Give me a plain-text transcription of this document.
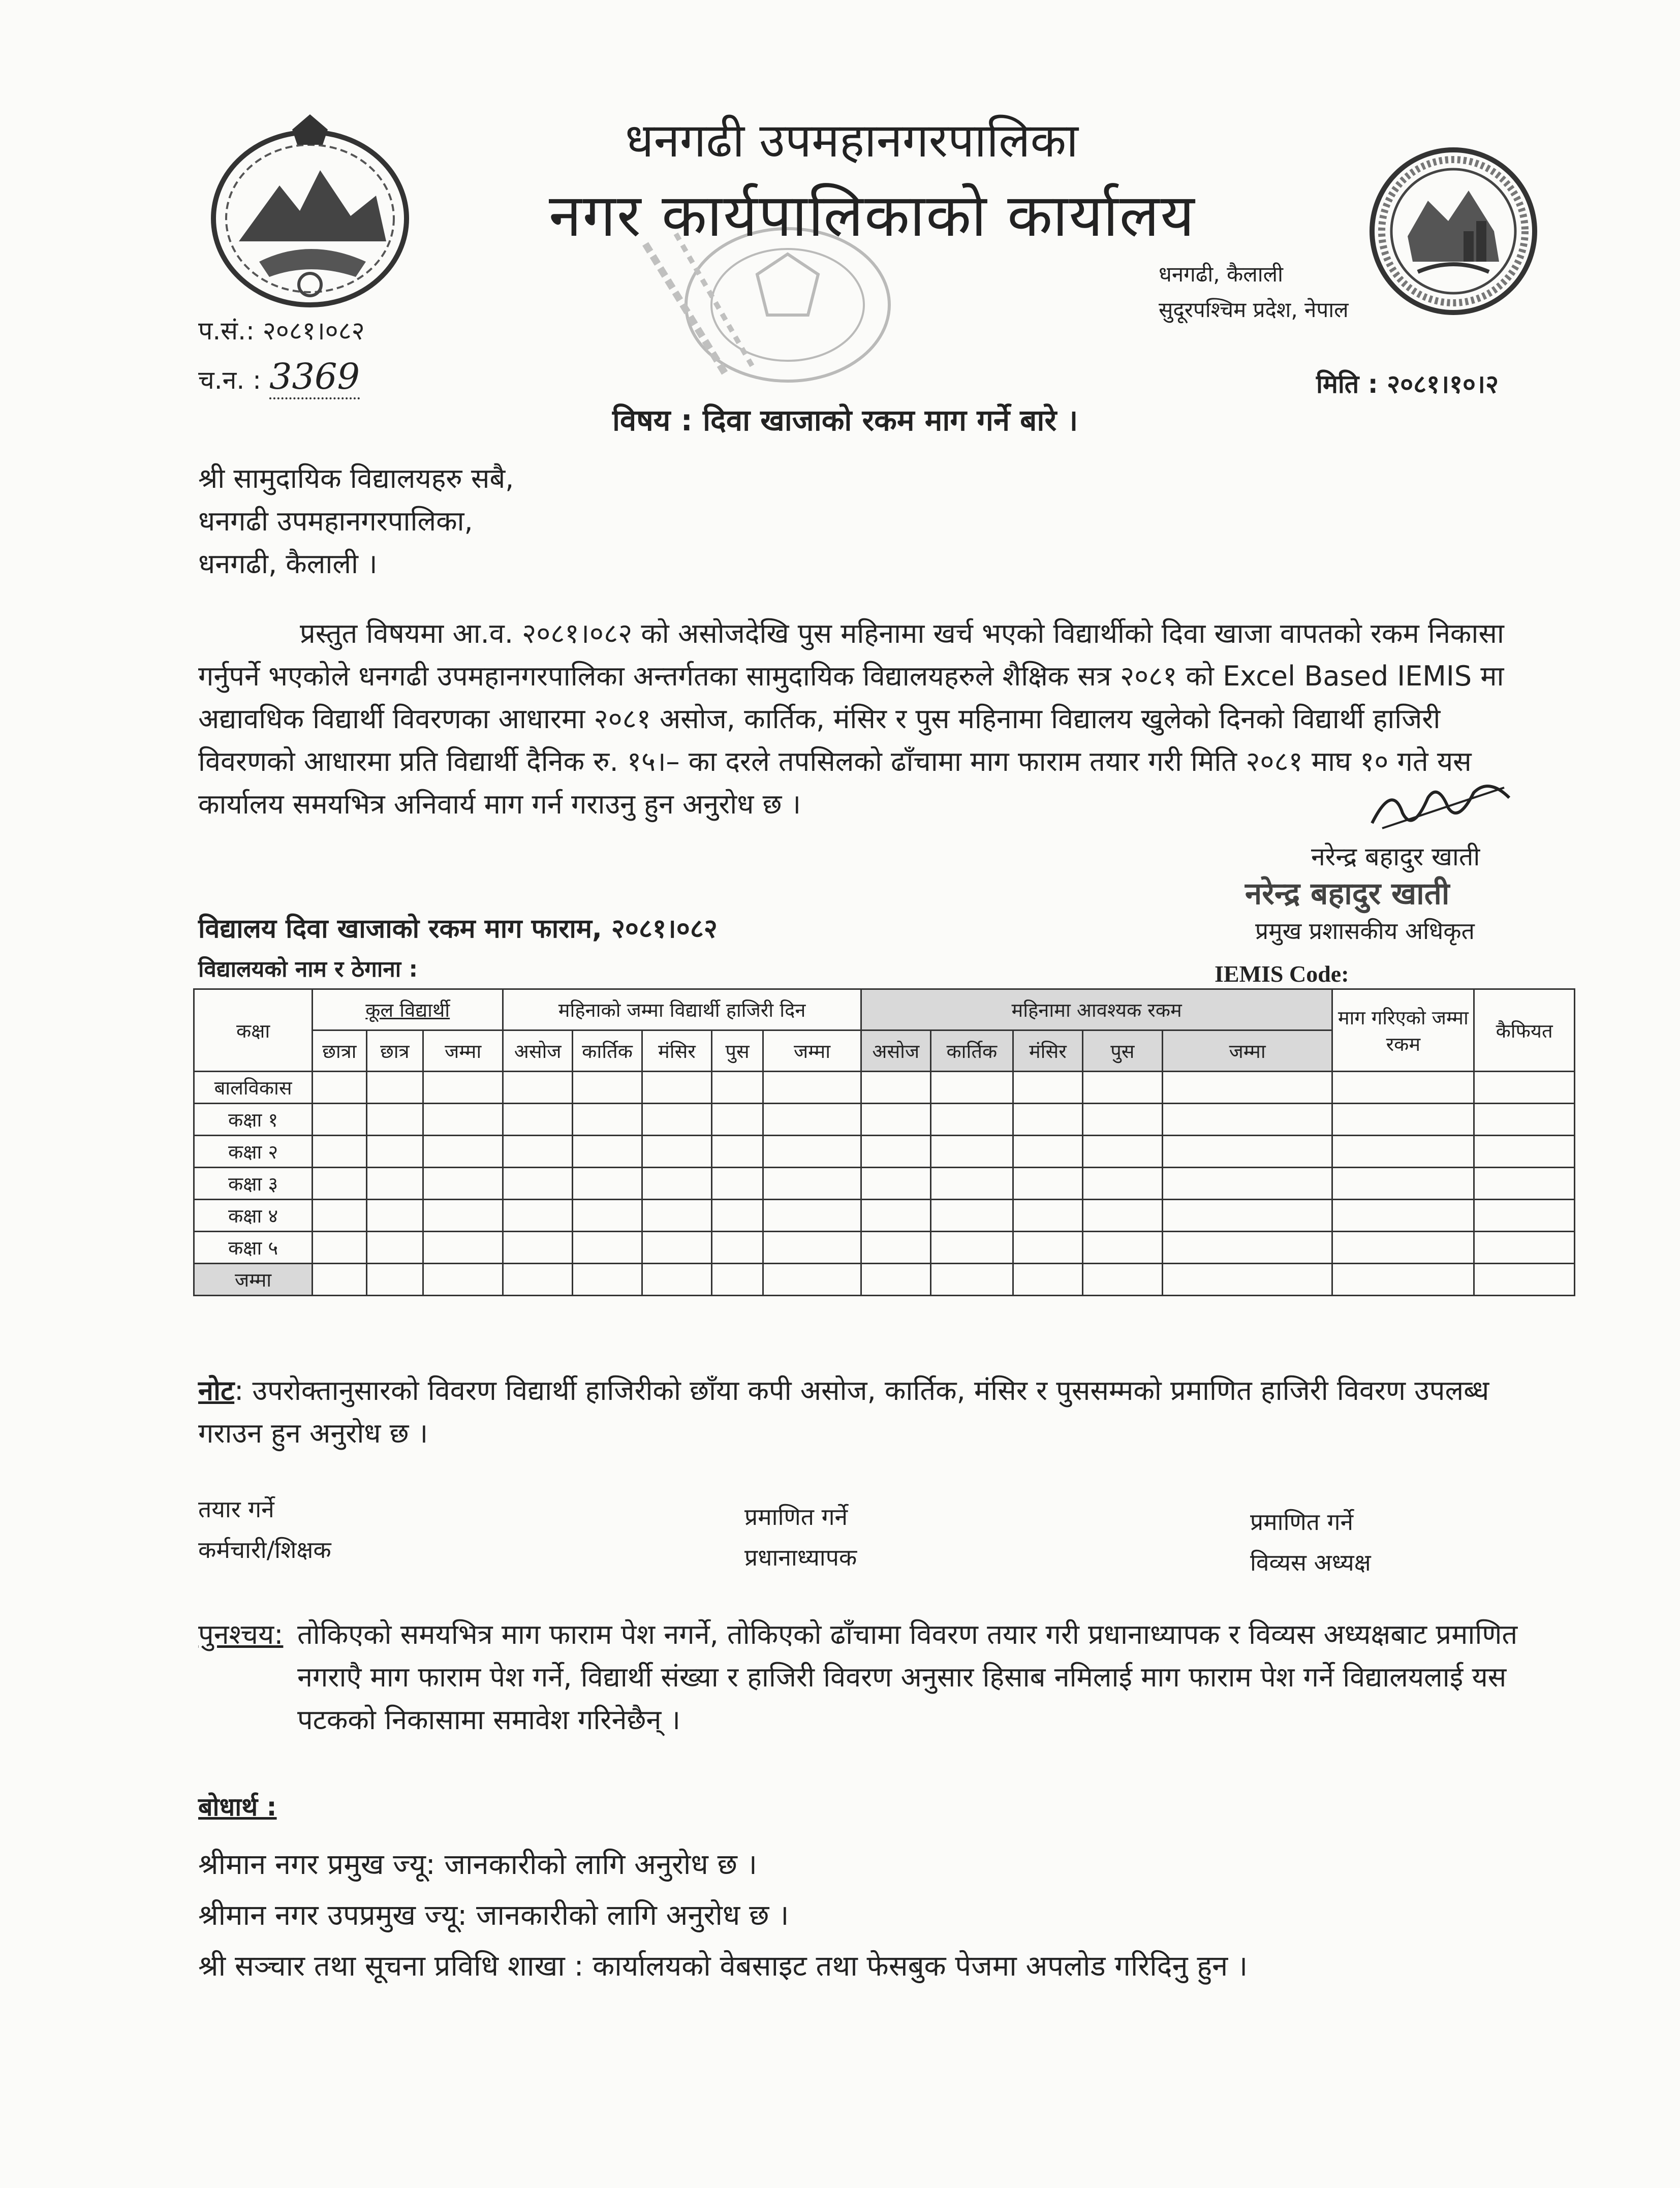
धनगढी उपमहानगरपालिका
नगर कार्यपालिकाको कार्यालय
धनगढी, कैलाली
सुदूरपश्चिम प्रदेश, नेपाल
प.सं.: २०८१।०८२
च.न. : 3369	मिति : २०८१।१०।२
विषय : दिवा खाजाको रकम माग गर्ने बारे ।
श्री सामुदायिक विद्यालयहरु सबै,
धनगढी उपमहानगरपालिका,
धनगढी, कैलाली ।
प्रस्तुत विषयमा आ.व. २०८१।०८२ को असोजदेखि पुस महिनामा खर्च भएको विद्यार्थीको दिवा खाजा वापतको रकम निकासा
गर्नुपर्ने भएकोले धनगढी उपमहानगरपालिका अन्तर्गतका सामुदायिक विद्यालयहरुले शैक्षिक सत्र २०८१ को Excel Based IEMIS मा
अद्यावधिक विद्यार्थी विवरणका आधारमा २०८१ असोज, कार्तिक, मंसिर र पुस महिनामा विद्यालय खुलेको दिनको विद्यार्थी हाजिरी
विवरणको आधारमा प्रति विद्यार्थी दैनिक रु. १५।– का दरले तपसिलको ढाँचामा माग फाराम तयार गरी मिति २०८१ माघ १० गते यस
कार्यालय समयभित्र अनिवार्य माग गर्न गराउनु हुन अनुरोध छ ।
नरेन्द्र बहादुर खाती
नरेन्द्र बहादुर खाती
प्रमुख प्रशासकीय अधिकृत
विद्यालय दिवा खाजाको रकम माग फाराम, २०८१।०८२
विद्यालयको नाम र ठेगाना :	IEMIS Code:
कक्षा	कूल विद्यार्थी			महिनाको जम्मा विद्यार्थी हाजिरी दिन					महिनामा आवश्यक रकम					माग गरिएको जम्मा रकम	कैफियत
	छात्रा	छात्र	जम्मा	असोज	कार्तिक	मंसिर	पुस	जम्मा	असोज	कार्तिक	मंसिर	पुस	जम्मा		
बालविकास															
कक्षा १															
कक्षा २															
कक्षा ३															
कक्षा ४															
कक्षा ५															
जम्मा															
नोट: उपरोक्तानुसारको विवरण विद्यार्थी हाजिरीको छाँया कपी असोज, कार्तिक, मंसिर र पुससम्मको प्रमाणित हाजिरी विवरण उपलब्ध
गराउन हुन अनुरोध छ ।
तयार गर्ने
कर्मचारी/शिक्षक
प्रमाणित गर्ने
प्रधानाध्यापक
प्रमाणित गर्ने
विव्यस अध्यक्ष
पुनश्चय: तोकिएको समयभित्र माग फाराम पेश नगर्ने, तोकिएको ढाँचामा विवरण तयार गरी प्रधानाध्यापक र विव्यस अध्यक्षबाट प्रमाणित
नगराएै माग फाराम पेश गर्ने, विद्यार्थी संख्या र हाजिरी विवरण अनुसार हिसाब नमिलाई माग फाराम पेश गर्ने विद्यालयलाई यस
पटकको निकासामा समावेश गरिनेछैन् ।
बोधार्थ :
श्रीमान नगर प्रमुख ज्यू: जानकारीको लागि अनुरोध छ ।
श्रीमान नगर उपप्रमुख ज्यू: जानकारीको लागि अनुरोध छ ।
श्री सञ्चार तथा सूचना प्रविधि शाखा : कार्यालयको वेबसाइट तथा फेसबुक पेजमा अपलोड गरिदिनु हुन ।
